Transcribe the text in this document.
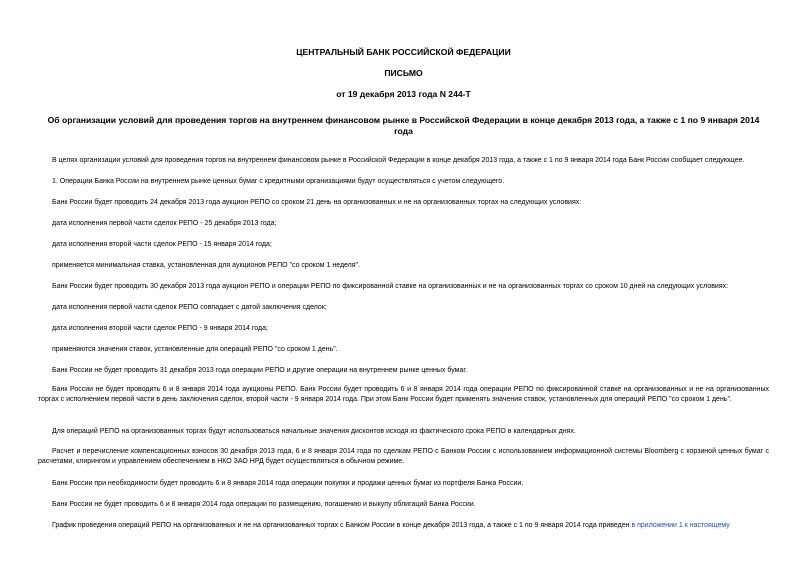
ЦЕНТРАЛЬНЫЙ БАНК РОССИЙСКОЙ ФЕДЕРАЦИИ
ПИСЬМО
от 19 декабря 2013 года N 244-Т
Об организации условий для проведения торгов на внутреннем финансовом рынке в Российской Федерации в конце декабря 2013 года, а также с 1 по 9 января 2014 года
В целях организации условий для проведения торгов на внутреннем финансовом рынке в Российской Федерации в конце декабря 2013 года, а также с 1 по 9 января 2014 года Банк России сообщает следующее.
1. Операции Банка России на внутреннем рынке ценных бумаг с кредитными организациями будут осуществляться с учетом следующего.
Банк России будет проводить 24 декабря 2013 года аукцион РЕПО со сроком 21 день на организованных и не на организованных торгах на следующих условиях:
дата исполнения первой части сделок РЕПО - 25 декабря 2013 года;
дата исполнения второй части сделок РЕПО - 15 января 2014 года;
применяется минимальная ставка, установленная для аукционов РЕПО "со сроком 1 неделя".
Банк России будет проводить 30 декабря 2013 года аукцион РЕПО и операции РЕПО по фиксированной ставке на организованных и не на организованных торгах со сроком 10 дней на следующих условиях:
дата исполнения первой части сделок РЕПО совпадает с датой заключения сделок;
дата исполнения второй части сделок РЕПО - 9 января 2014 года;
применяются значения ставок, установленные для операций РЕПО "со сроком 1 день".
Банк России не будет проводить 31 декабря 2013 года операции РЕПО и другие операции на внутреннем рынке ценных бумаг.
Банк России не будет проводить 6 и 8 января 2014 года аукционы РЕПО. Банк России будет проводить 6 и 8 января 2014 года операции РЕПО по фиксированной ставке на организованных и не на организованных торгах с исполнением первой части в день заключения сделок, второй части - 9 января 2014 года. При этом Банк России будет применять значения ставок, установленных для операций РЕПО "со сроком 1 день".
Для операций РЕПО на организованных торгах будут использоваться начальные значения дисконтов исходя из фактического срока РЕПО в календарных днях.
Расчет и перечисление компенсационных взносов 30 декабря 2013 года, 6 и 8 января 2014 года по сделкам РЕПО с Банком России с использованием информационной системы Bloomberg с корзиной ценных бумаг с расчетами, клирингом и управлением обеспечением в НКО ЗАО НРД будет осуществляться в обычном режиме.
Банк России при необходимости будет проводить 6 и 8 января 2014 года операции покупки и продажи ценных бумаг из портфеля Банка России.
Банк России не будет проводить 6 и 8 января 2014 года операции по размещению, погашению и выкупу облигаций Банка России.
График проведения операций РЕПО на организованных и не на организованных торгах с Банком России в конце декабря 2013 года, а также с 1 по 9 января 2014 года приведен в приложении 1 к настоящему
